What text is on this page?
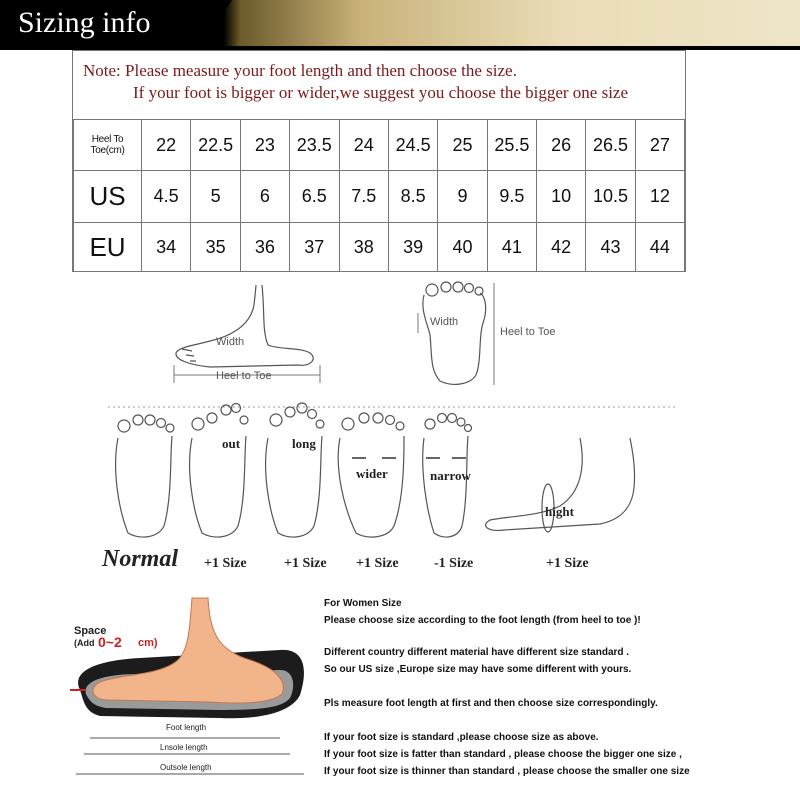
Sizing info
Note: Please measure your foot length and then choose the size.
If your foot is bigger or wider,we suggest you choose the bigger one size
Heel To Toe(cm)	22	22.5	23	23.5	24	24.5	25	25.5	26	26.5	27
US	4.5	5	6	6.5	7.5	8.5	9	9.5	10	10.5	12
EU	34	35	36	37	38	39	40	41	42	43	44
Width
Heel to Toe
Width
Heel to Toe
out	long
wider	narrow
hight
Normal +1 Size	+1 Size +1 Size	-1 Size	+1 Size
Foot length
Lnsole length
Outsole length
Space
(Add 0~2 cm)
For Women Size
Please choose size according to the foot length (from heel to toe )!
Different country different material have different size standard .
So our US size ,Europe size may have some different with yours.
Pls measure foot length at first and then choose size correspondingly.
If your foot size is standard ,please choose size as above.
If your foot size is fatter than standard , please choose the bigger one size ,
If your foot size is thinner than standard , please choose the smaller one size
